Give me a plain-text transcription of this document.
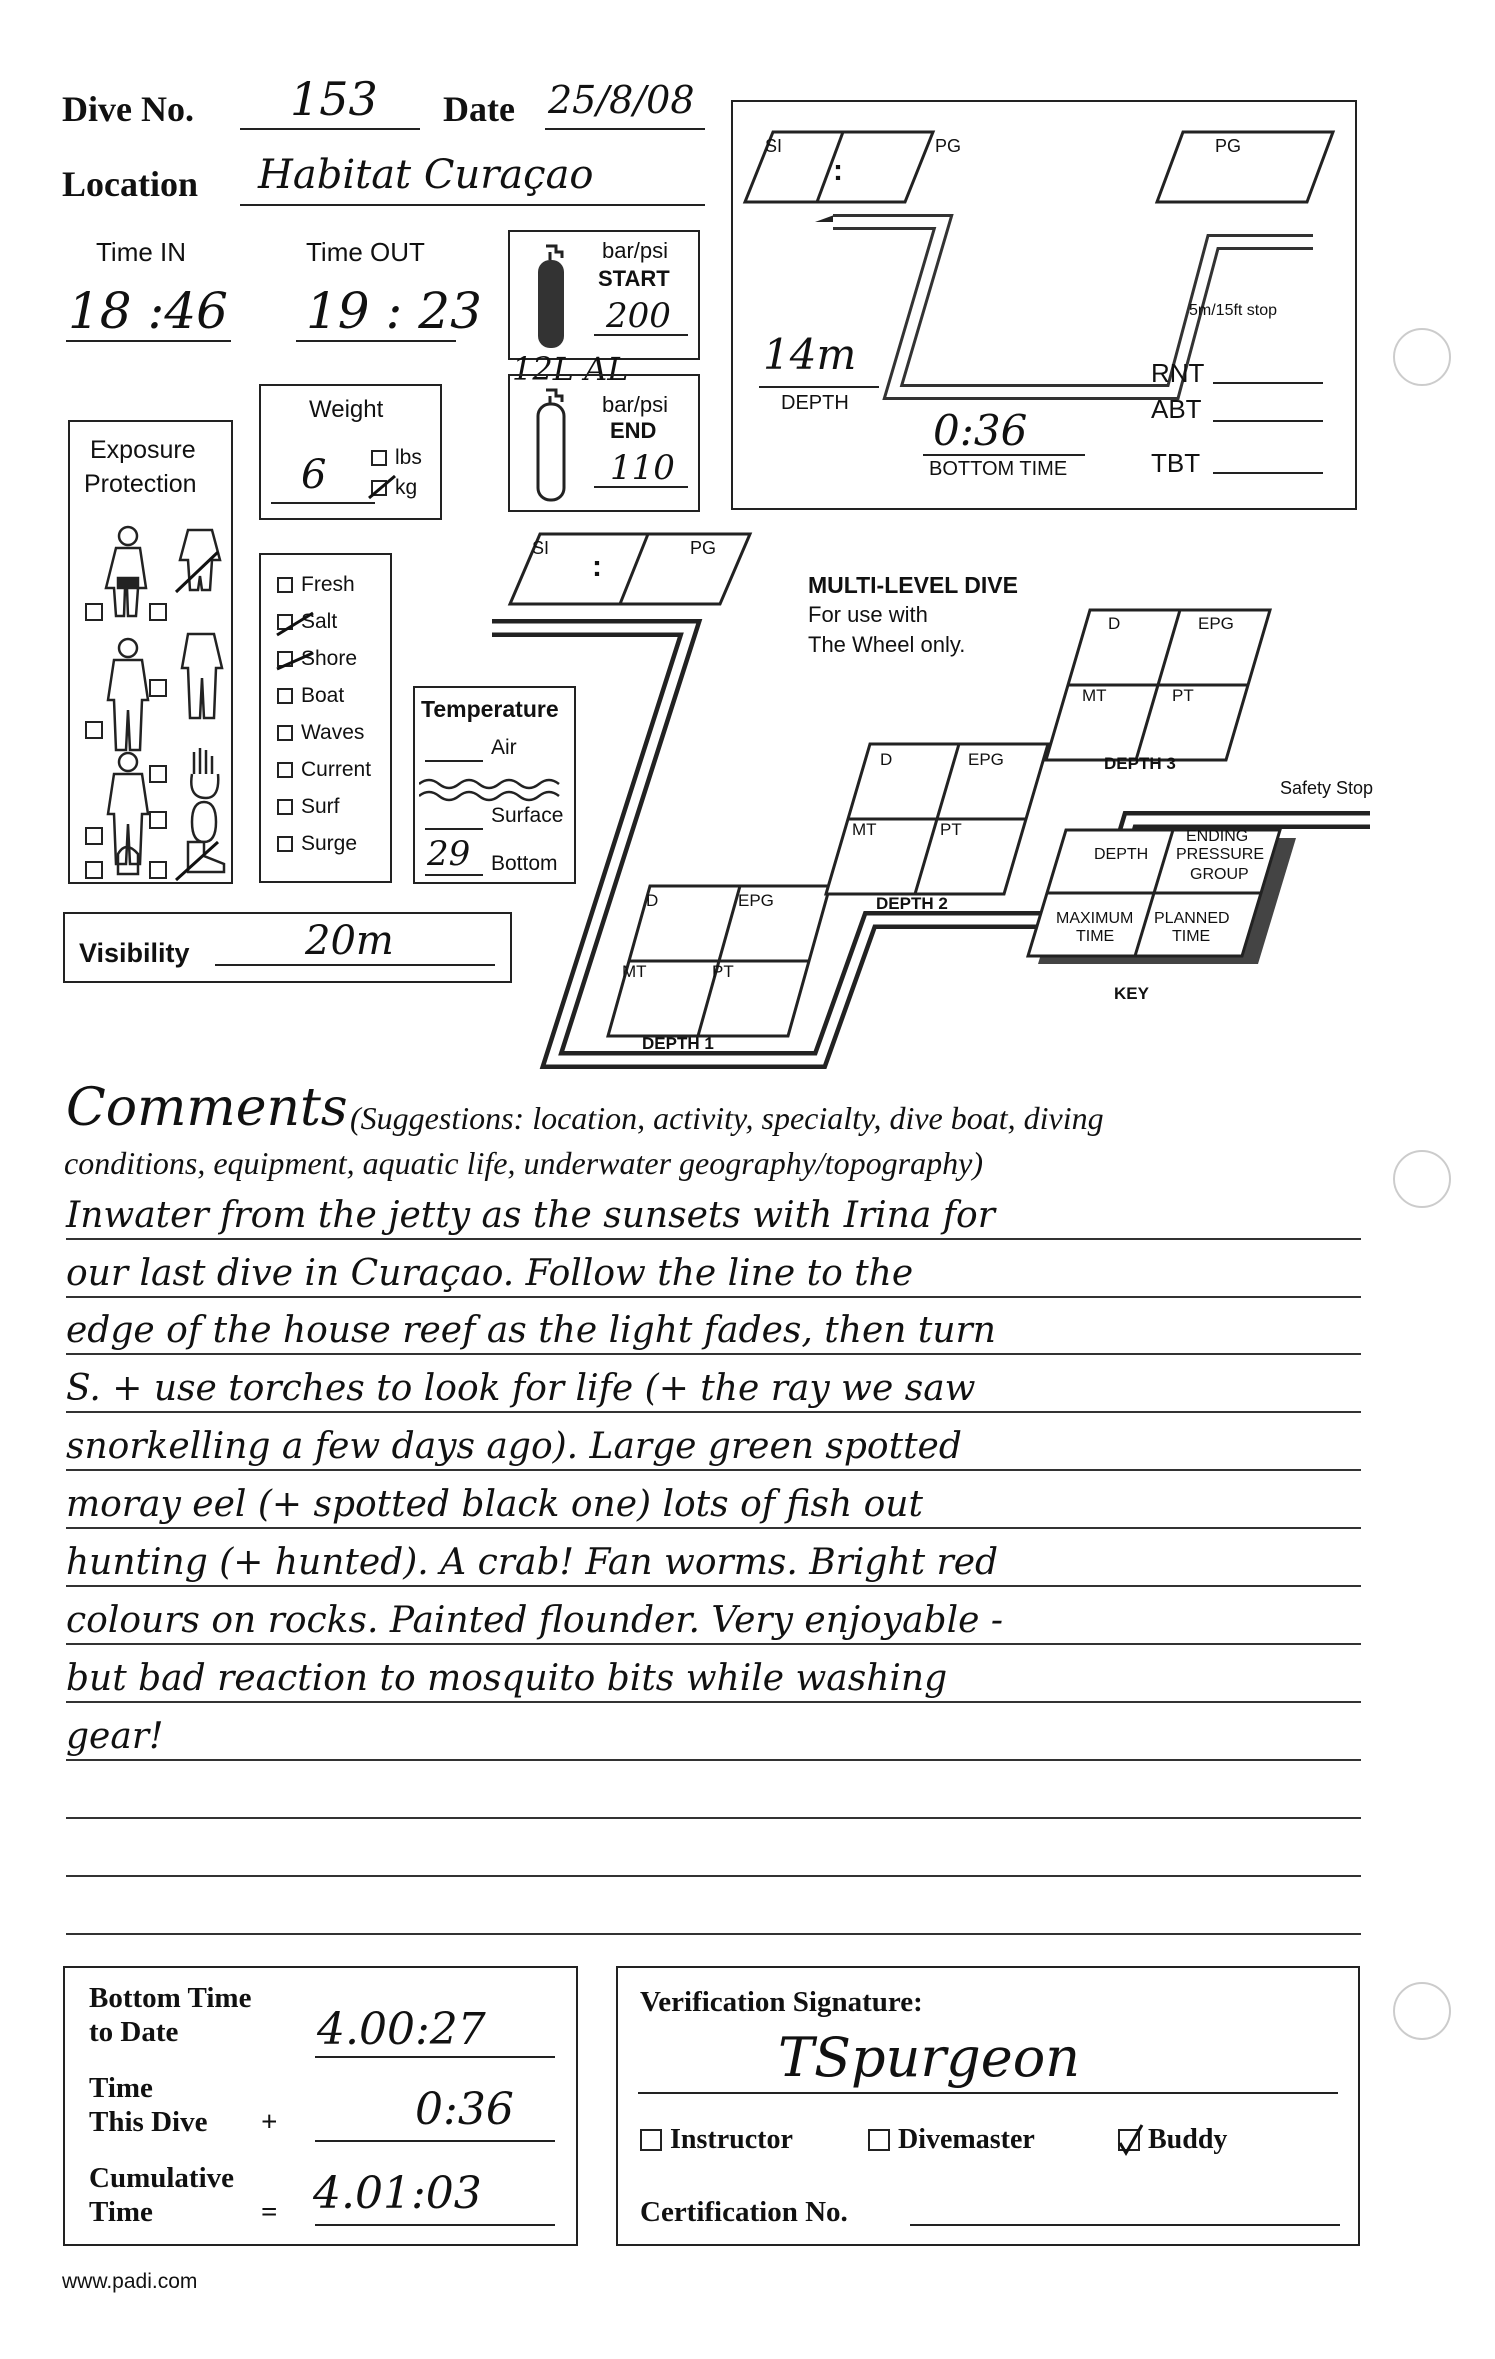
Dive No. 153 Date 25/8/08
Location Habitat Curaçao
Time IN
18 :46
Time OUT
19 : 23
bar/psi
START
200
12L AL
bar/psi
END
110
SI	PG
:
PG
14m
DEPTH
0:36
BOTTOM TIME
5m/15ft stop
RNT
ABT
TBT
Weight
6	lbs
kg
Exposure
Protection
Fresh
Salt
Shore
Boat
Waves
Current
Surf
Surge
Temperature
Air
Surface
29 Bottom
Visibility	20m
SI	PG
:
MULTI-LEVEL DIVE
For use with
The Wheel only.
D	EPG
MT	PT
DEPTH 1
D	EPG
MT	PT
DEPTH 2
D	EPG
MT	PT
DEPTH 3
Safety Stop
DEPTH
ENDING
PRESSURE
GROUP
MAXIMUM
TIME
PLANNED
TIME
KEY
Comments (Suggestions: location, activity, specialty, dive boat, diving
conditions, equipment, aquatic life, underwater geography/topography)
Inwater from the jetty as the sunsets with Irina for
our last dive in Curaçao. Follow the line to the
edge of the house reef as the light fades, then turn
S. + use torches to look for life (+ the ray we saw
snorkelling a few days ago). Large green spotted
moray eel (+ spotted black one) lots of fish out
hunting (+ hunted). A crab! Fan worms. Bright red
colours on rocks. Painted flounder. Very enjoyable -
but bad reaction to mosquito bits while washing
gear!
Bottom Time
to Date	4.00:27
Time
This Dive +	0:36
Cumulative
Time	= 4.01:03
Verification Signature:
TSpurgeon
Instructor	Divemaster	Buddy
Certification No.
www.padi.com
